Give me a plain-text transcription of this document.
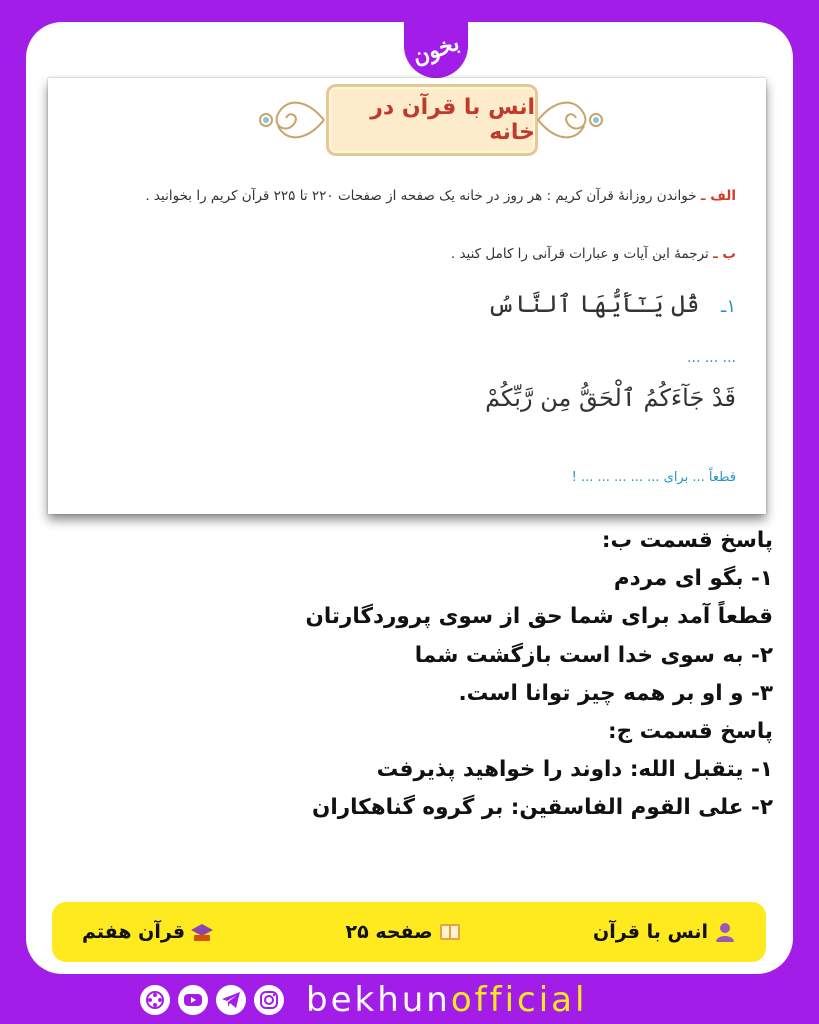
بخون
انس با قرآن در خانه
الف ـ خواندن روزانهٔ قرآن کریم : هر روز در خانه یک صفحه از صفحات ۲۲۰ تا ۲۲۵ قرآن کریم را بخوانید .
ب ـ ترجمهٔ این آیات و عبارات قرآنی را کامل کنید .
۱ـ قُل یَـٰٓأَیُّهَا ٱلنَّاسُ
... ... ...
قَدْ جَآءَکُمُ ٱلْحَقُّ مِن رَّبِّکُمْ
قطعاً ... برای ... ... ... ... ... !
پاسخ قسمت ب:
۱- بگو ای مردم
قطعاً آمد برای شما حق از سوی پروردگارتان
۲- به سوی خدا است بازگشت شما
۳- و او بر همه چیز توانا است.
پاسخ قسمت ج:
۱- یتقبل الله: داوند را خواهید پذیرفت
۲- علی القوم الفاسقین: بر گروه گناهکاران
انس با قرآن
صفحه ۲۵
قرآن هفتم
bekhunofficial
